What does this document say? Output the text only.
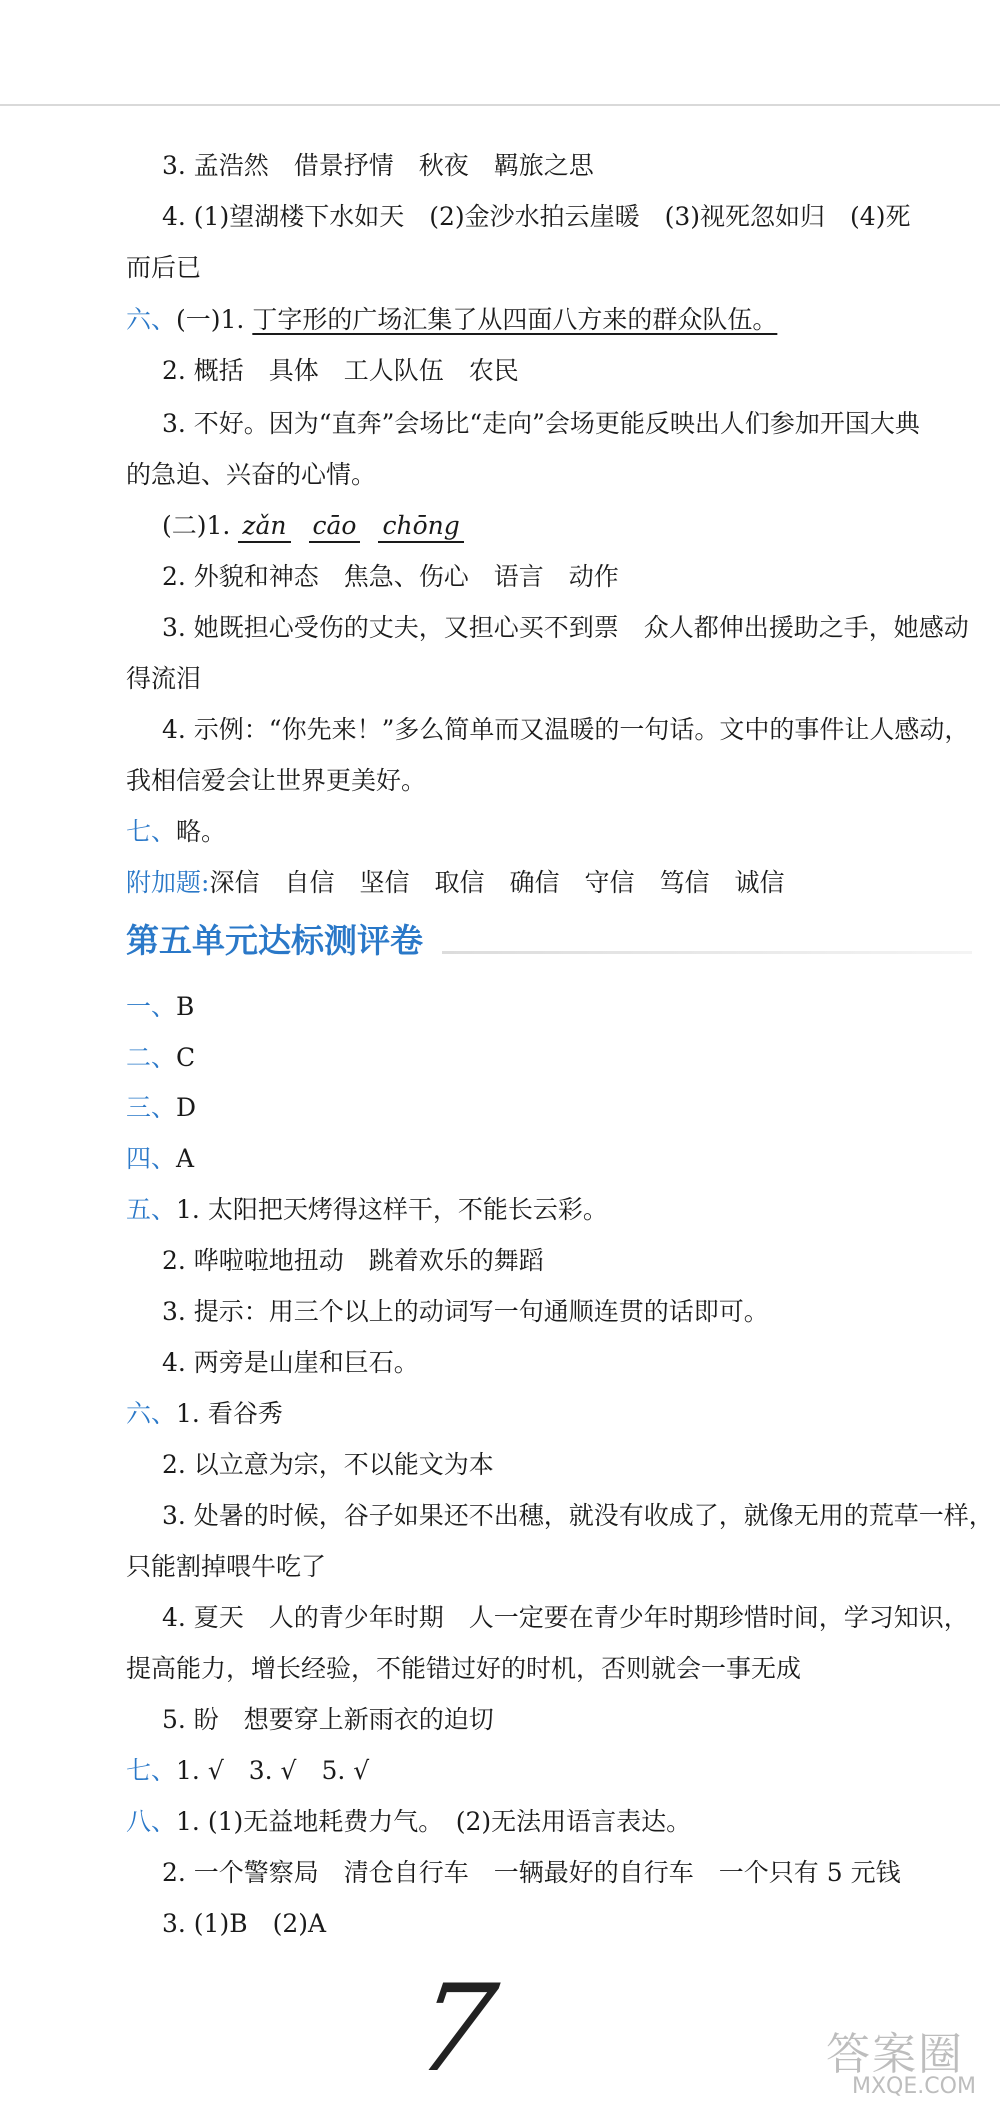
3. 孟浩然　借景抒情　秋夜　羁旅之思
4. (1)望湖楼下水如天　(2)金沙水拍云崖暖　(3)视死忽如归　(4)死
而后已
六、(一)1. 丁字形的广场汇集了从四面八方来的群众队伍。
2. 概括　具体　工人队伍　农民
3. 不好。因为“直奔”会场比“走向”会场更能反映出人们参加开国大典
的急迫、兴奋的心情。
(二)1. zǎn cāo chōng
2. 外貌和神态　焦急、伤心　语言　动作
3. 她既担心受伤的丈夫，又担心买不到票　众人都伸出援助之手，她感动
得流泪
4. 示例：“你先来！”多么简单而又温暖的一句话。文中的事件让人感动，
我相信爱会让世界更美好。
七、略。
附加题:深信　自信　坚信　取信　确信　守信　笃信　诚信
第五单元达标测评卷
一、B
二、C
三、D
四、A
五、1. 太阳把天烤得这样干，不能长云彩。
2. 哗啦啦地扭动　跳着欢乐的舞蹈
3. 提示：用三个以上的动词写一句通顺连贯的话即可。
4. 两旁是山崖和巨石。
六、1. 看谷秀
2. 以立意为宗，不以能文为本
3. 处暑的时候，谷子如果还不出穗，就没有收成了，就像无用的荒草一样，
只能割掉喂牛吃了
4. 夏天　人的青少年时期　人一定要在青少年时期珍惜时间，学习知识，
提高能力，增长经验，不能错过好的时机，否则就会一事无成
5. 盼　想要穿上新雨衣的迫切
七、1. √　3. √　5. √
八、1. (1)无益地耗费力气。　(2)无法用语言表达。
2. 一个警察局　清仓自行车　一辆最好的自行车　一个只有 5 元钱
3. (1)B　(2)A
7	答案圈
MXQE.COM
